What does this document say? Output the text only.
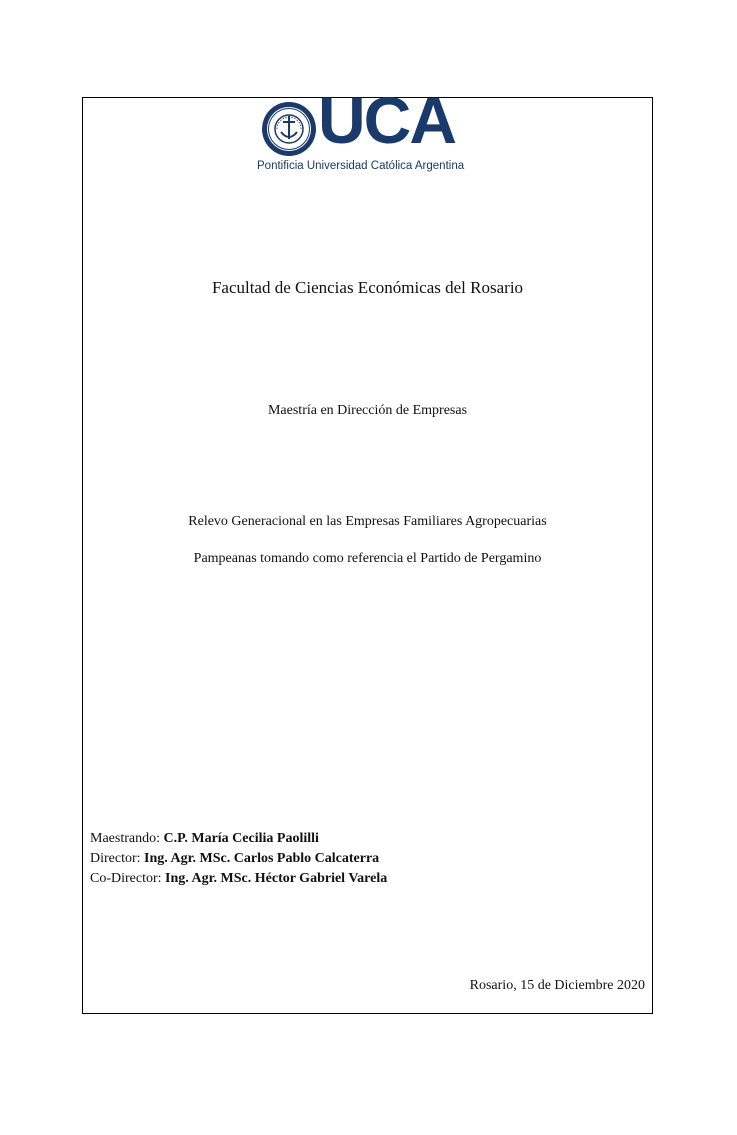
UCA
Pontificia Universidad Católica Argentina
Facultad de Ciencias Económicas del Rosario
Maestría en Dirección de Empresas
Relevo Generacional en las Empresas Familiares Agropecuarias
Pampeanas tomando como referencia el Partido de Pergamino
Maestrando: C.P. María Cecilia Paolilli
Director: Ing. Agr. MSc. Carlos Pablo Calcaterra
Co-Director: Ing. Agr. MSc. Héctor Gabriel Varela
Rosario, 15 de Diciembre 2020
